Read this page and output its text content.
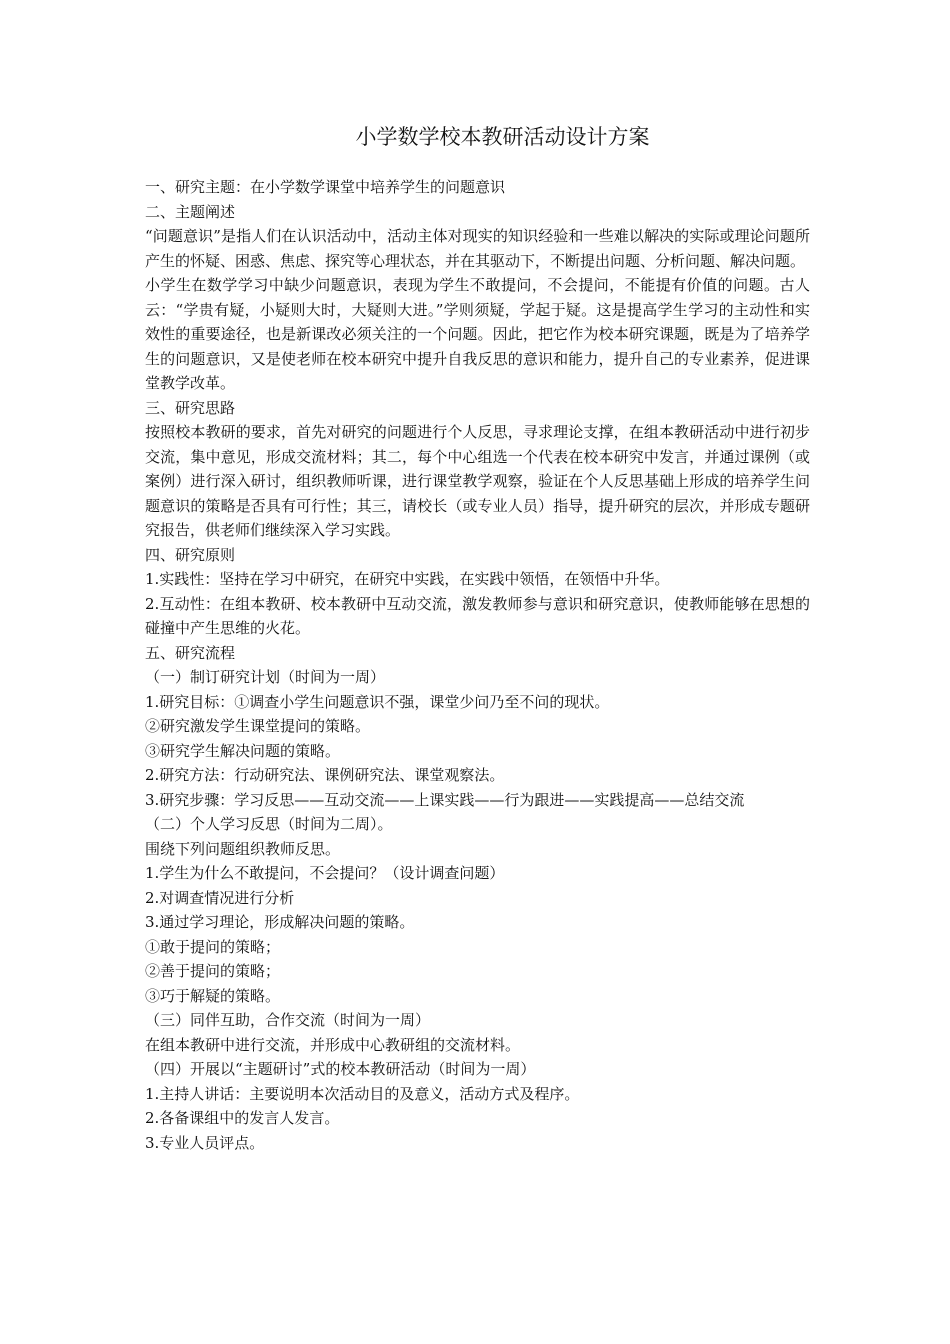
小学数学校本教研活动设计方案

一、研究主题：在小学数学课堂中培养学生的问题意识

二、主题阐述

“问题意识”是指人们在认识活动中，活动主体对现实的知识经验和一些难以解决的实际或理论问题所产生的怀疑、困惑、焦虑、探究等心理状态，并在其驱动下，不断提出问题、分析问题、解决问题。

小学生在数学学习中缺少问题意识，表现为学生不敢提问，不会提问，不能提有价值的问题。古人云：“学贵有疑，小疑则大时，大疑则大进。”学则须疑，学起于疑。这是提高学生学习的主动性和实效性的重要途径，也是新课改必须关注的一个问题。因此，把它作为校本研究课题，既是为了培养学生的问题意识，又是使老师在校本研究中提升自我反思的意识和能力，提升自己的专业素养，促进课堂教学改革。

三、研究思路

按照校本教研的要求，首先对研究的问题进行个人反思，寻求理论支撑，在组本教研活动中进行初步交流，集中意见，形成交流材料；其二，每个中心组选一个代表在校本研究中发言，并通过课例（或案例）进行深入研讨，组织教师听课，进行课堂教学观察，验证在个人反思基础上形成的培养学生问题意识的策略是否具有可行性；其三，请校长（或专业人员）指导，提升研究的层次，并形成专题研究报告，供老师们继续深入学习实践。

四、研究原则

1.实践性：坚持在学习中研究，在研究中实践，在实践中领悟，在领悟中升华。

2.互动性：在组本教研、校本教研中互动交流，激发教师参与意识和研究意识，使教师能够在思想的碰撞中产生思维的火花。

五、研究流程

（一）制订研究计划（时间为一周）

1.研究目标：①调查小学生问题意识不强，课堂少问乃至不问的现状。

②研究激发学生课堂提问的策略。

③研究学生解决问题的策略。

2.研究方法：行动研究法、课例研究法、课堂观察法。

3.研究步骤：学习反思——互动交流——上课实践——行为跟进——实践提高——总结交流

（二）个人学习反思（时间为二周）。

围绕下列问题组织教师反思。

1.学生为什么不敢提问，不会提问？（设计调查问题）

2.对调查情况进行分析

3.通过学习理论，形成解决问题的策略。

①敢于提问的策略；

②善于提问的策略；

③巧于解疑的策略。

（三）同伴互助，合作交流（时间为一周）

在组本教研中进行交流，并形成中心教研组的交流材料。

（四）开展以“主题研讨”式的校本教研活动（时间为一周）

1.主持人讲话：主要说明本次活动目的及意义，活动方式及程序。

2.各备课组中的发言人发言。

3.专业人员评点。
